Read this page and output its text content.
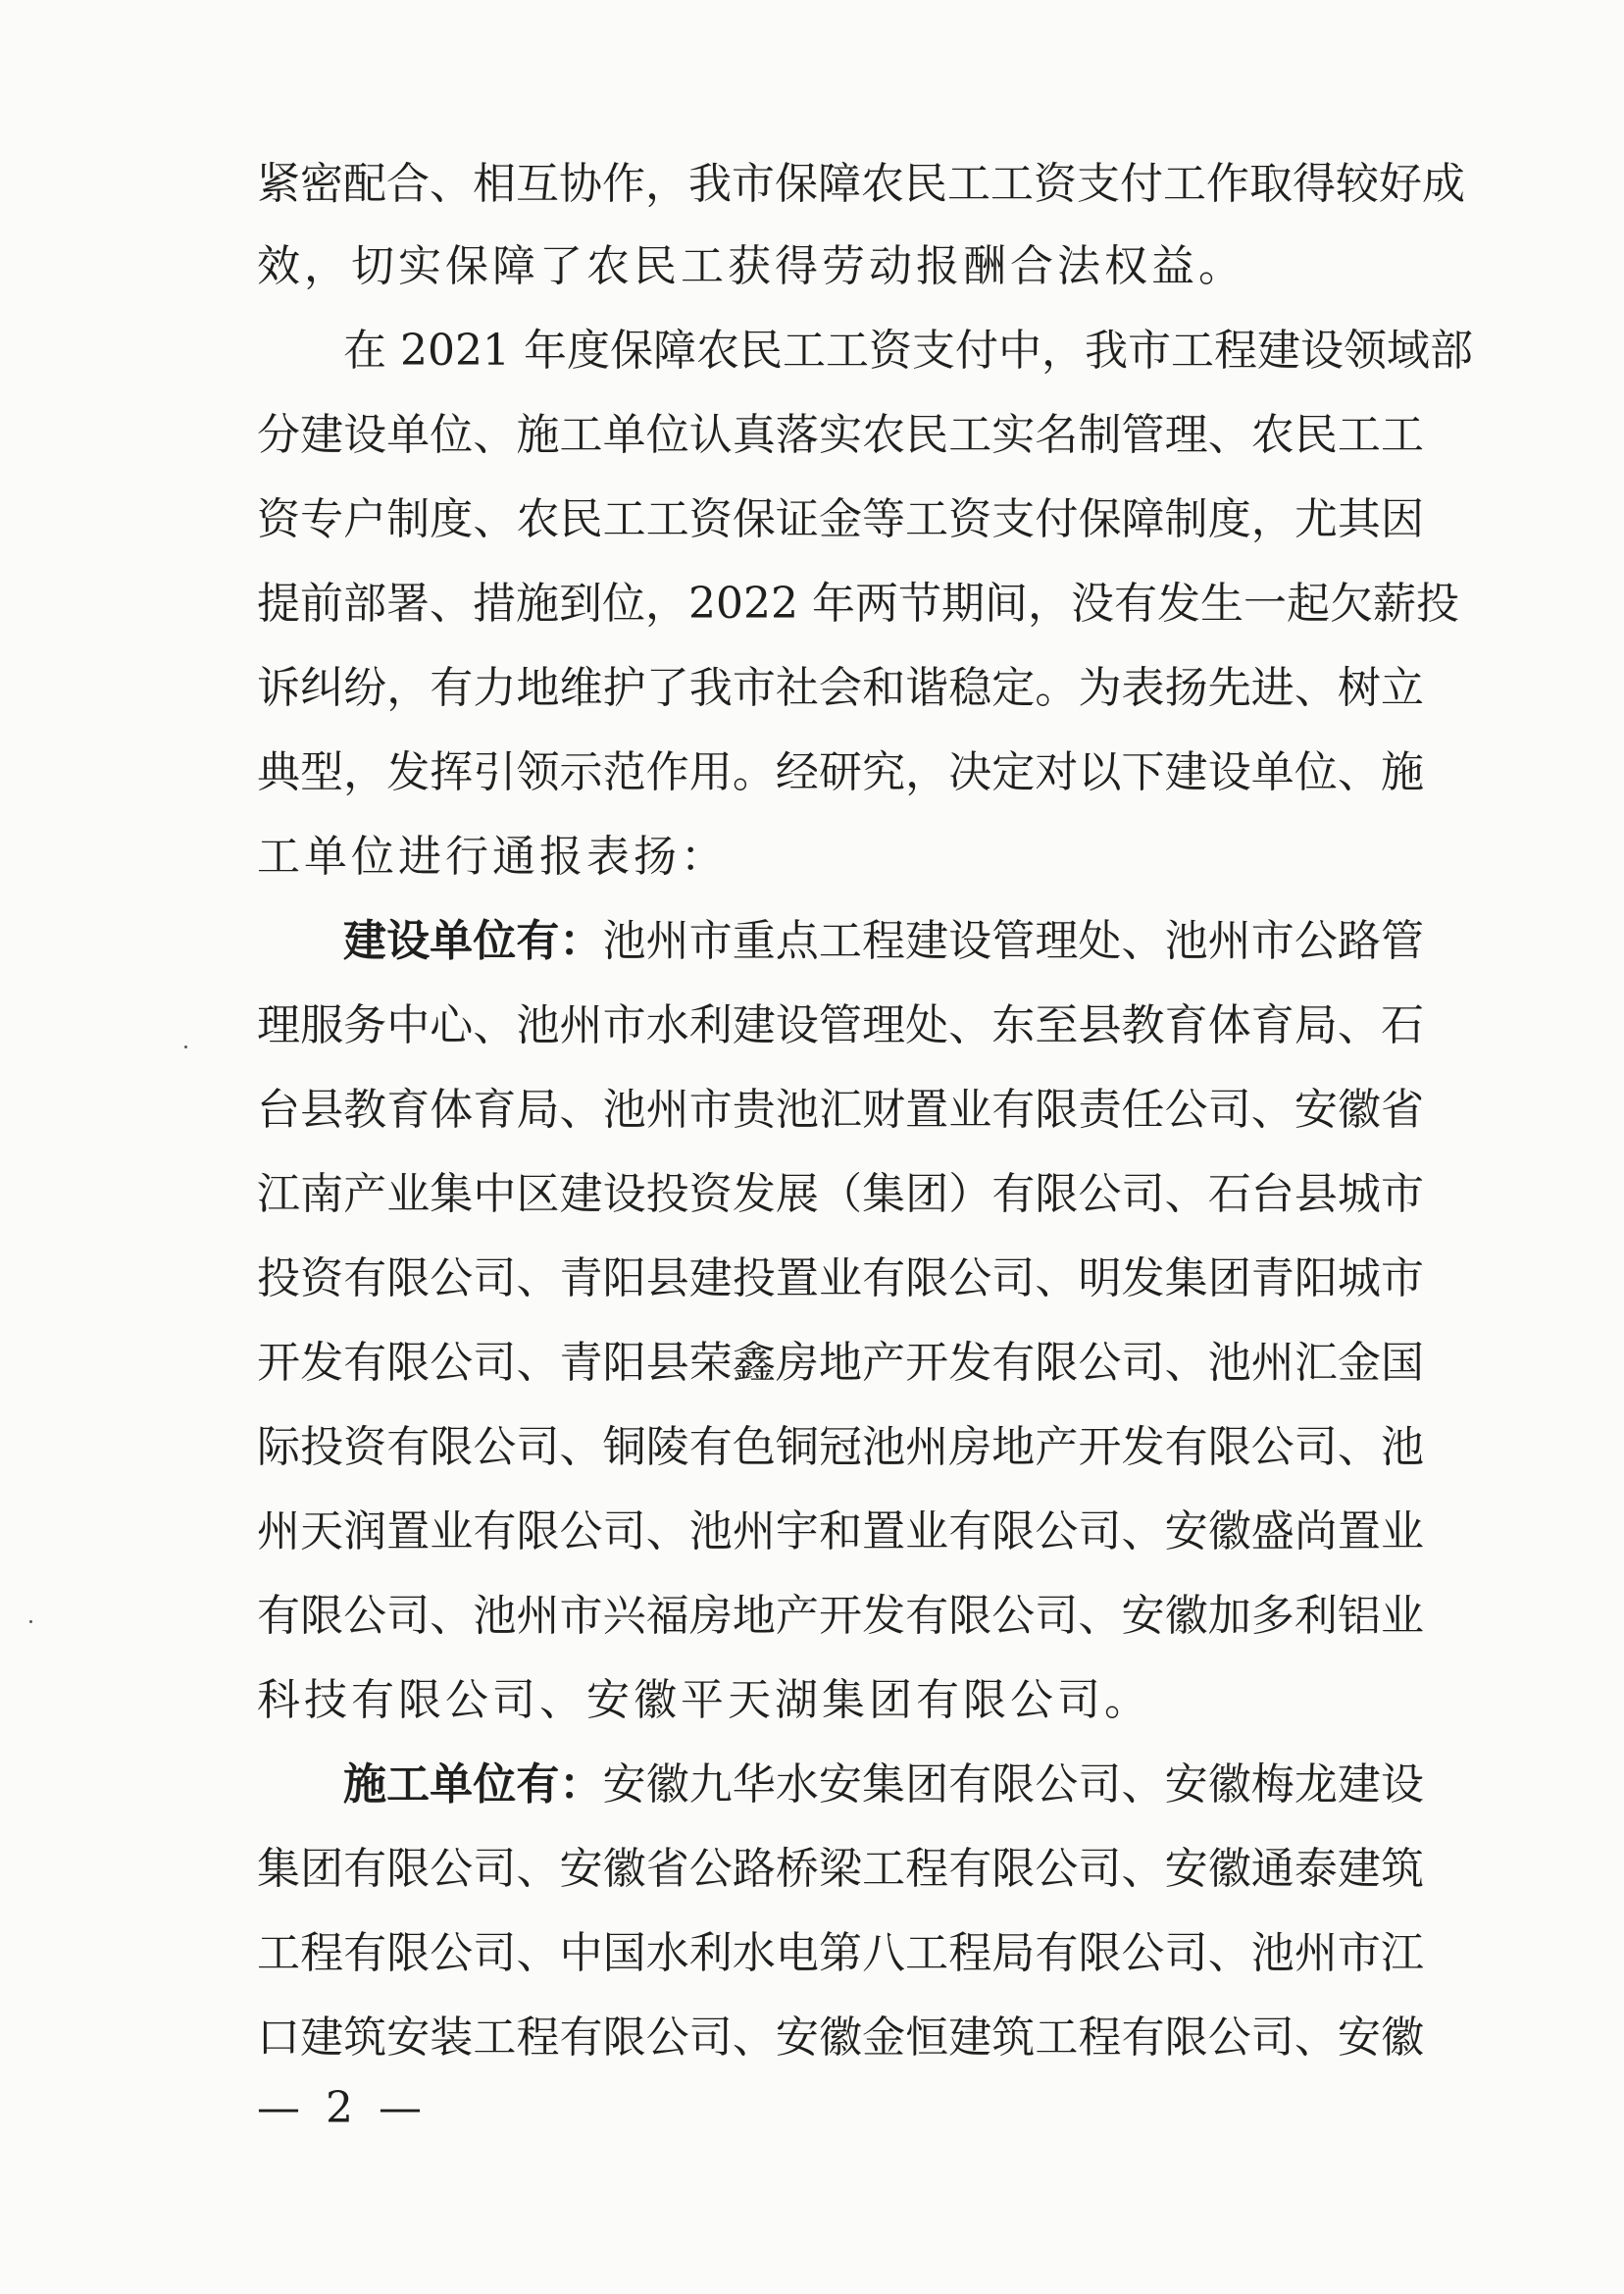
紧密配合、相互协作，我市保障农民工工资支付工作取得较好成
效，切实保障了农民工获得劳动报酬合法权益。
在 2021 年度保障农民工工资支付中，我市工程建设领域部
分建设单位、施工单位认真落实农民工实名制管理、农民工工
资专户制度、农民工工资保证金等工资支付保障制度，尤其因
提前部署、措施到位，2022 年两节期间，没有发生一起欠薪投
诉纠纷，有力地维护了我市社会和谐稳定。为表扬先进、树立
典型，发挥引领示范作用。经研究，决定对以下建设单位、施
工单位进行通报表扬：
建设单位有：池州市重点工程建设管理处、池州市公路管
理服务中心、池州市水利建设管理处、东至县教育体育局、石
台县教育体育局、池州市贵池汇财置业有限责任公司、安徽省
江南产业集中区建设投资发展（集团）有限公司、石台县城市
投资有限公司、青阳县建投置业有限公司、明发集团青阳城市
开发有限公司、青阳县荣鑫房地产开发有限公司、池州汇金国
际投资有限公司、铜陵有色铜冠池州房地产开发有限公司、池
州天润置业有限公司、池州宇和置业有限公司、安徽盛尚置业
有限公司、池州市兴福房地产开发有限公司、安徽加多利铝业
科技有限公司、安徽平天湖集团有限公司。
施工单位有：安徽九华水安集团有限公司、安徽梅龙建设
集团有限公司、安徽省公路桥梁工程有限公司、安徽通泰建筑
工程有限公司、中国水利水电第八工程局有限公司、池州市江
口建筑安装工程有限公司、安徽金恒建筑工程有限公司、安徽
— 2 —
